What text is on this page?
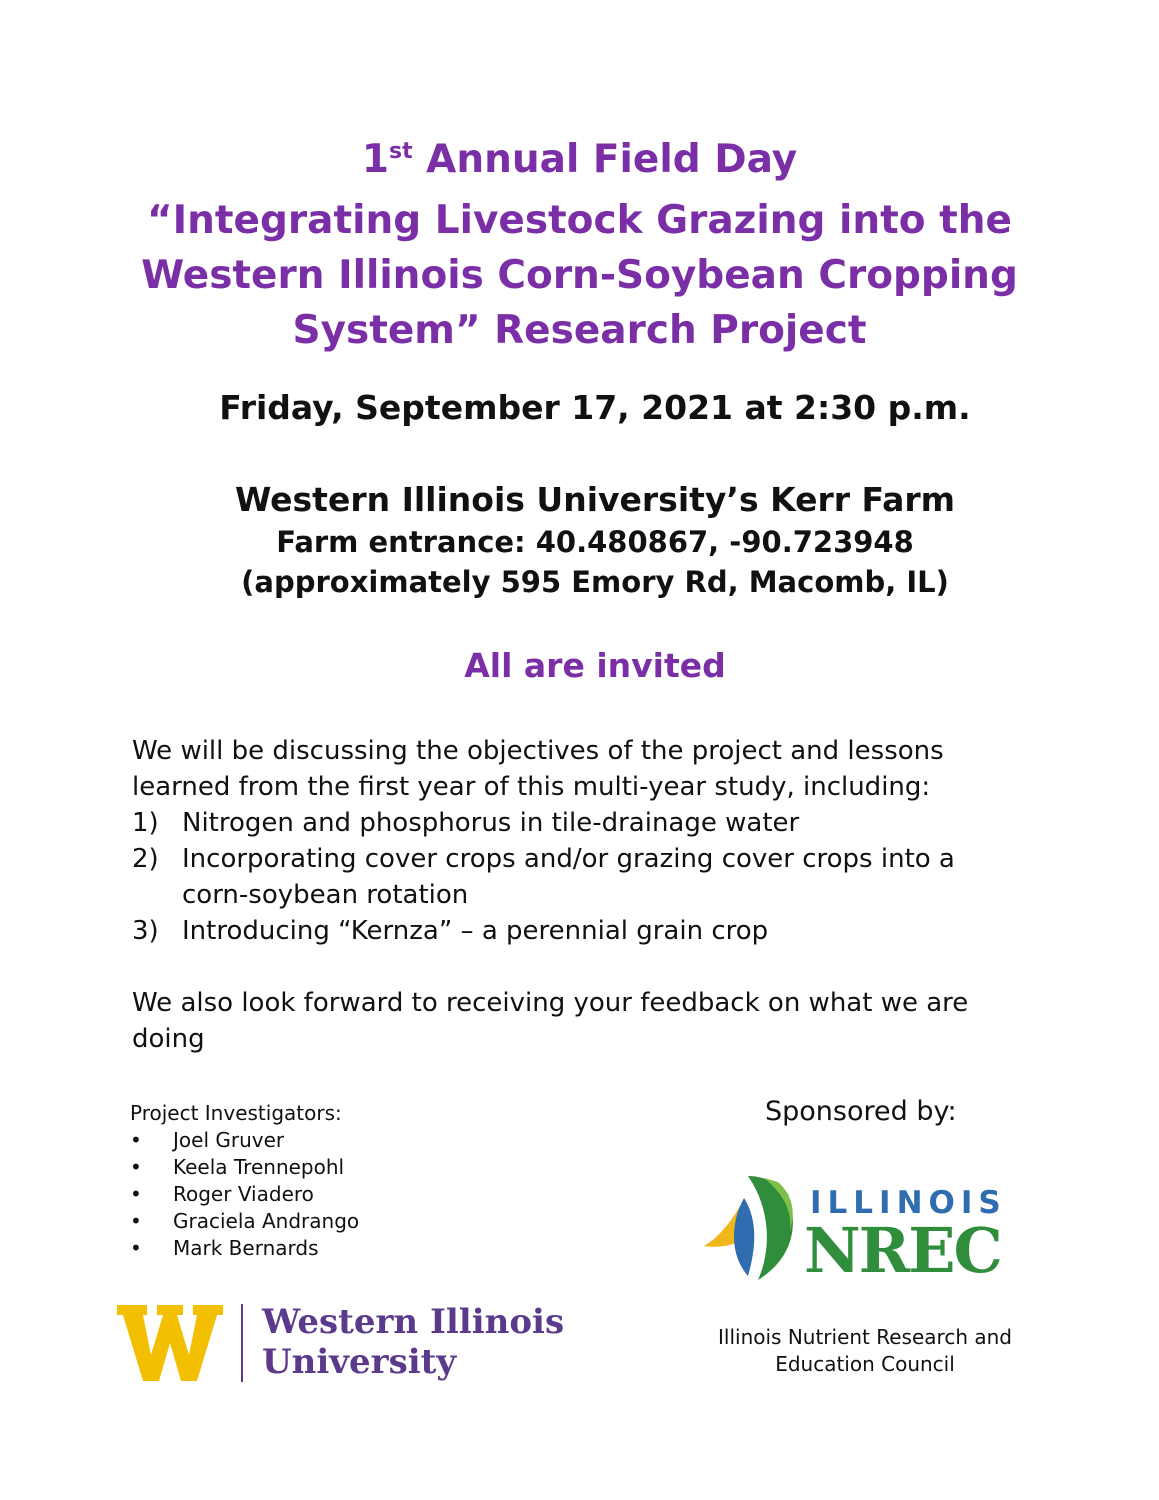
1st Annual Field Day
“Integrating Livestock Grazing into the
Western Illinois Corn-Soybean Cropping
System” Research Project
Friday, September 17, 2021 at 2:30 p.m.
Western Illinois University’s Kerr Farm
Farm entrance: 40.480867, -90.723948
(approximately 595 Emory Rd, Macomb, IL)
All are invited
We will be discussing the objectives of the project and lessons
learned from the first year of this multi-year study, including:
1) Nitrogen and phosphorus in tile-drainage water
2) Incorporating cover crops and/or grazing cover crops into a
corn-soybean rotation
3) Introducing “Kernza” – a perennial grain crop
We also look forward to receiving your feedback on what we are
doing
Project Investigators:
• Joel Gruver
• Keela Trennepohl
• Roger Viadero
• Graciela Andrango
• Mark Bernards
Sponsored by:
ILLINOIS
NREC
Illinois Nutrient Research and
Education Council
Western Illinois
University
